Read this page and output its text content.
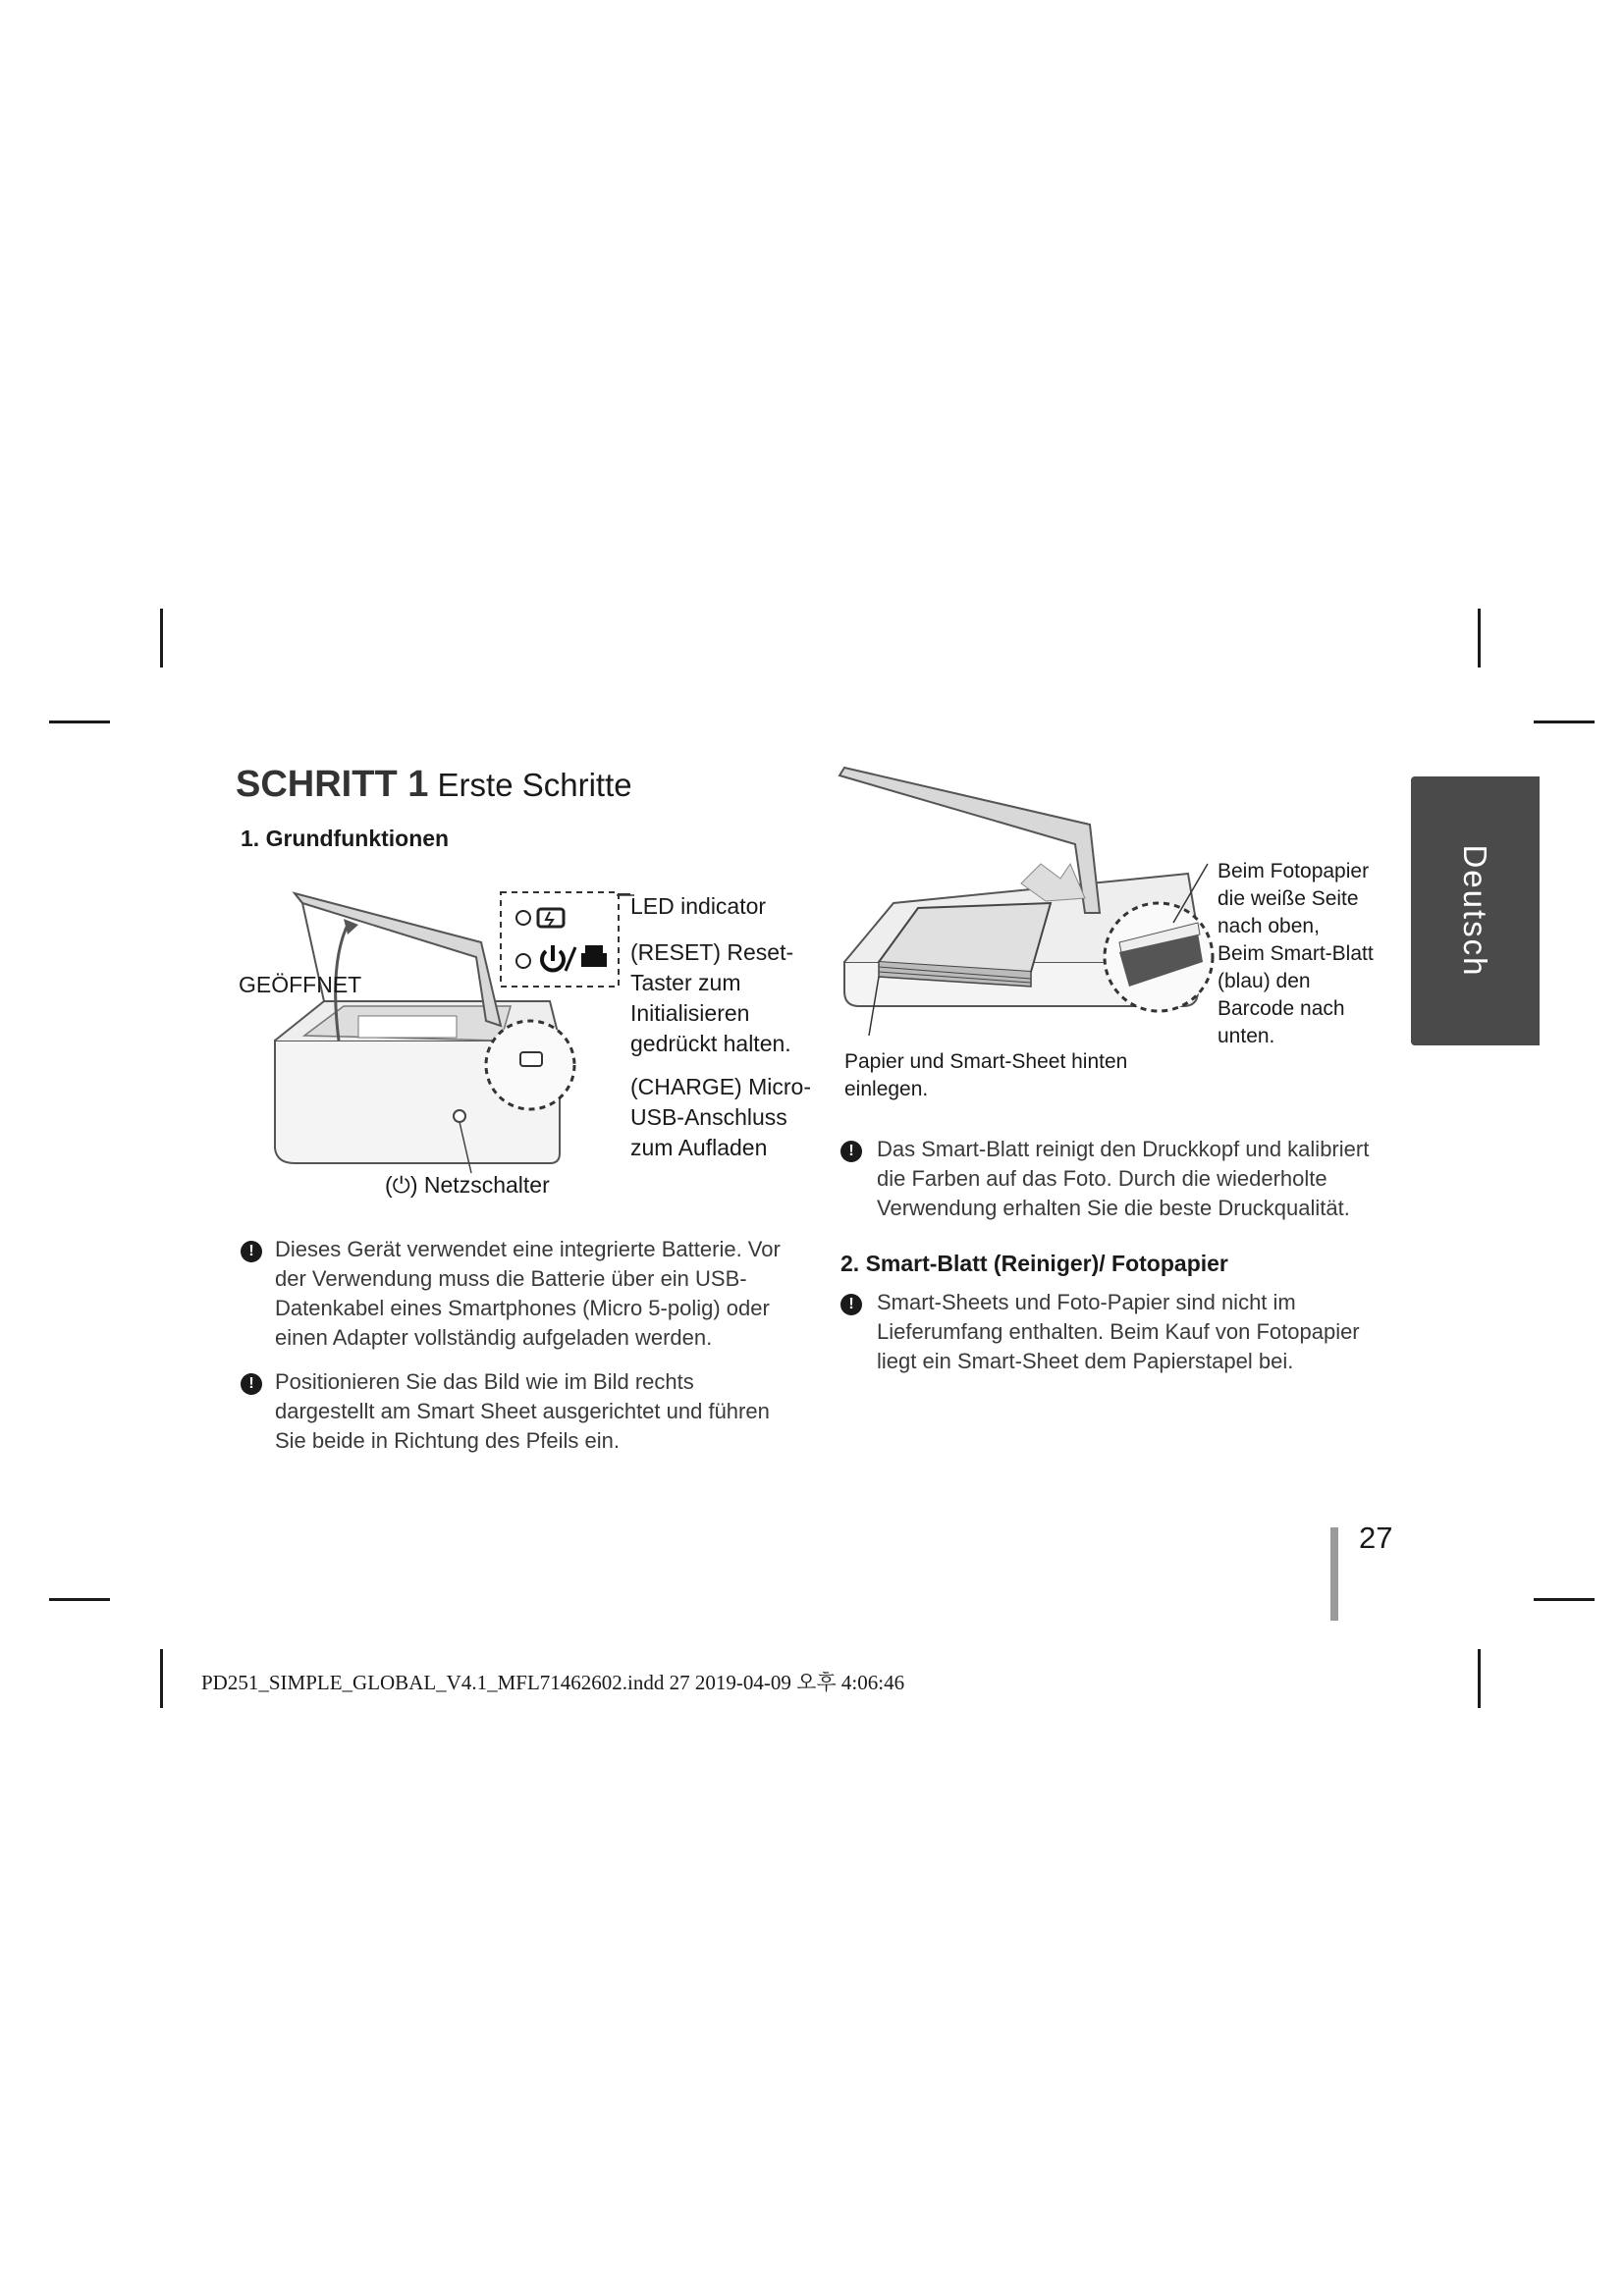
SCHRITT 1 Erste Schritte
1. Grundfunktionen
GEÖFFNET
LED indicator
(RESET) Reset-
Taster zum
Initialisieren
gedrückt halten.
(CHARGE) Micro-
USB-Anschluss
zum Aufladen
(⏻) Netzschalter
Beim Fotopapier
die weiße Seite
nach oben,
Beim Smart-Blatt
(blau) den
Barcode nach
unten.
Papier und Smart-Sheet hinten
einlegen.
! Dieses Gerät verwendet eine integrierte Batterie. Vor
der Verwendung muss die Batterie über ein USB-
Datenkabel eines Smartphones (Micro 5-polig) oder
einen Adapter vollständig aufgeladen werden.
! Positionieren Sie das Bild wie im Bild rechts
dargestellt am Smart Sheet ausgerichtet und führen
Sie beide in Richtung des Pfeils ein.
!	Das Smart-Blatt reinigt den Druckkopf und kalibriert
die Farben auf das Foto. Durch die wiederholte
Verwendung erhalten Sie die beste Druckqualität.
2. Smart-Blatt (Reiniger)/ Fotopapier
!	Smart-Sheets und Foto-Papier sind nicht im
Lieferumfang enthalten. Beim Kauf von Fotopapier
liegt ein Smart-Sheet dem Papierstapel bei.
Deutsch
27
PD251_SIMPLE_GLOBAL_V4.1_MFL71462602.indd 27 2019-04-09 오후 4:06:46
